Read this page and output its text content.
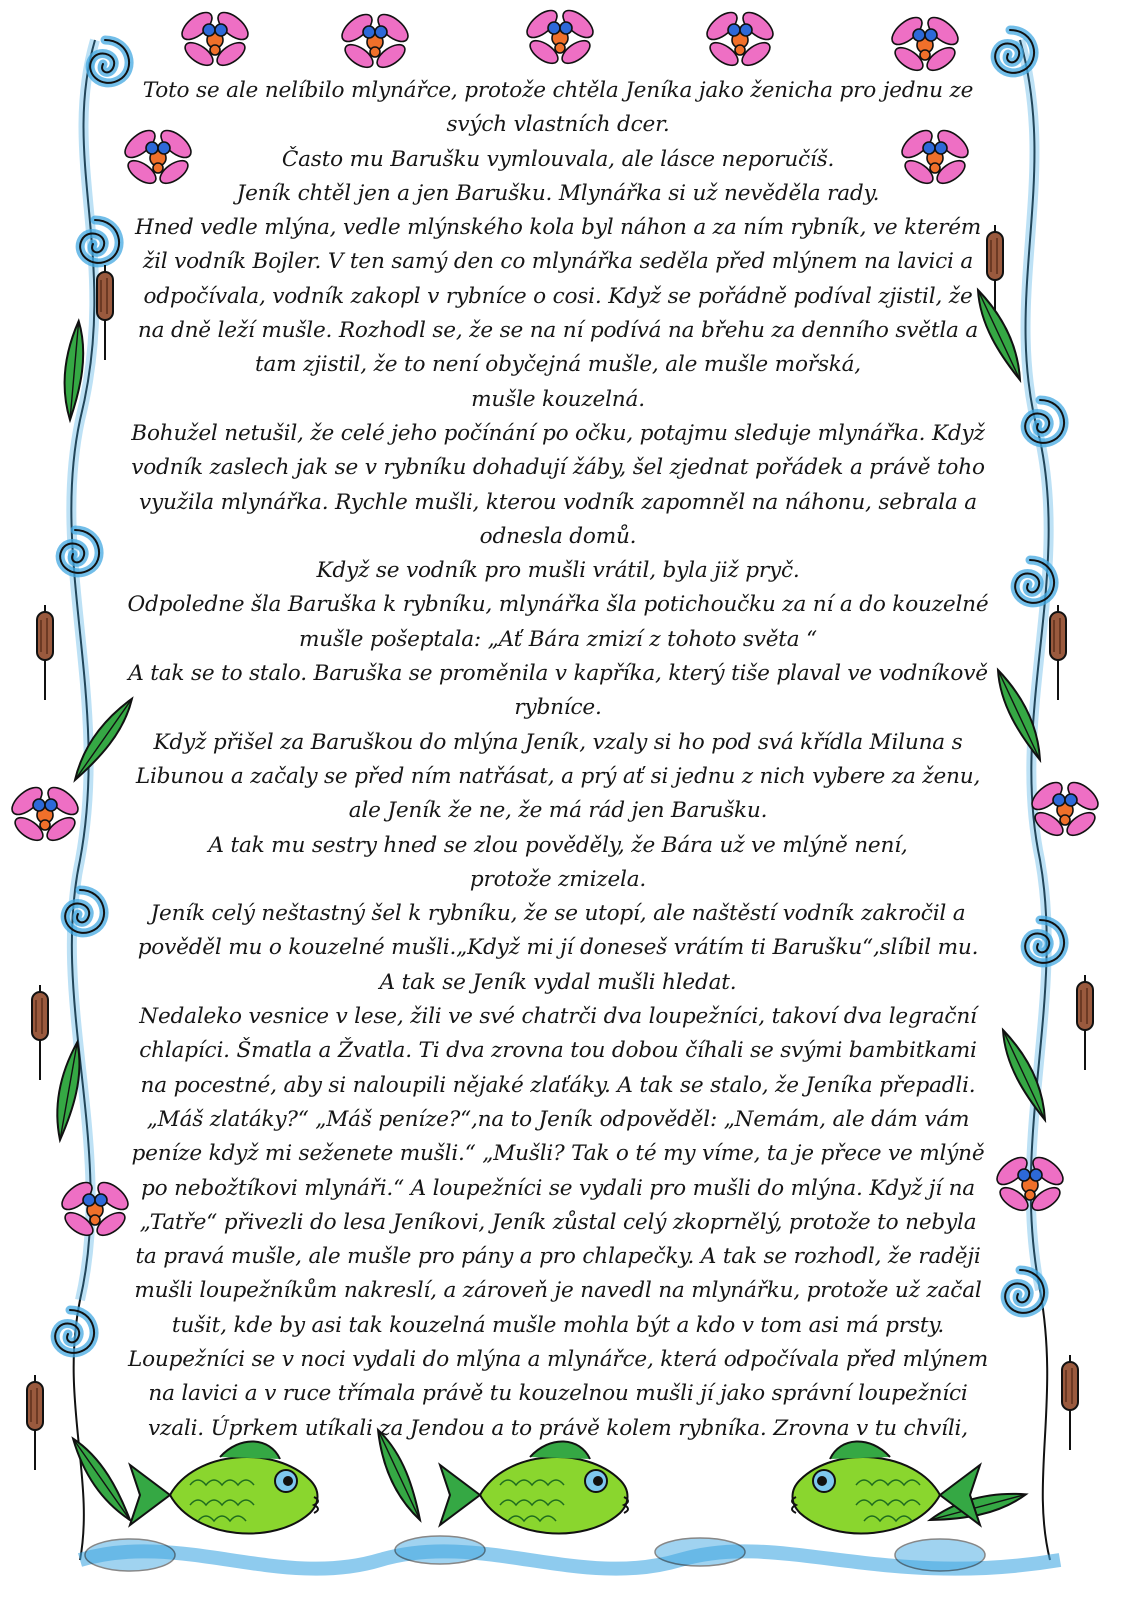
Toto se ale nelíbilo mlynářce, protože chtěla Jeníka jako ženicha pro jednu ze
svých vlastních dcer.
Často mu Barušku vymlouvala, ale lásce neporučíš.
Jeník chtěl jen a jen Barušku. Mlynářka si už nevěděla rady.
Hned vedle mlýna, vedle mlýnského kola byl náhon a za ním rybník, ve kterém
žil vodník Bojler. V ten samý den co mlynářka seděla před mlýnem na lavici a
odpočívala, vodník zakopl v rybníce o cosi. Když se pořádně podíval zjistil, že
na dně leží mušle. Rozhodl se, že se na ní podívá na břehu za denního světla a
tam zjistil, že to není obyčejná mušle, ale mušle mořská,
mušle kouzelná.
Bohužel netušil, že celé jeho počínání po očku, potajmu sleduje mlynářka. Když
vodník zaslech jak se v rybníku dohadují žáby, šel zjednat pořádek a právě toho
využila mlynářka. Rychle mušli, kterou vodník zapomněl na náhonu, sebrala a
odnesla domů.
Když se vodník pro mušli vrátil, byla již pryč.
Odpoledne šla Baruška k rybníku, mlynářka šla potichoučku za ní a do kouzelné
mušle pošeptala: „Ať Bára zmizí z tohoto světa “
A tak se to stalo. Baruška se proměnila v kapříka, který tiše plaval ve vodníkově
rybníce.
Když přišel za Baruškou do mlýna Jeník, vzaly si ho pod svá křídla Miluna s
Libunou a začaly se před ním natřásat, a prý ať si jednu z nich vybere za ženu,
ale Jeník že ne, že má rád jen Barušku.
A tak mu sestry hned se zlou pověděly, že Bára už ve mlýně není,
protože zmizela.
Jeník celý neštastný šel k rybníku, že se utopí, ale naštěstí vodník zakročil a
pověděl mu o kouzelné mušli.„Když mi jí doneseš vrátím ti Barušku“,slíbil mu.
A tak se Jeník vydal mušli hledat.
Nedaleko vesnice v lese, žili ve své chatrči dva loupežníci, takoví dva legrační
chlapíci. Šmatla a Žvatla. Ti dva zrovna tou dobou číhali se svými bambitkami
na pocestné, aby si naloupili nějaké zlaťáky. A tak se stalo, že Jeníka přepadli.
„Máš zlatáky?“ „Máš peníze?“,na to Jeník odpověděl: „Nemám, ale dám vám
peníze když mi seženete mušli.“ „Mušli? Tak o té my víme, ta je přece ve mlýně
po nebožtíkovi mlynáři.“ A loupežníci se vydali pro mušli do mlýna. Když jí na
„Tatře“ přivezli do lesa Jeníkovi, Jeník zůstal celý zkoprnělý, protože to nebyla
ta pravá mušle, ale mušle pro pány a pro chlapečky. A tak se rozhodl, že raději
mušli loupežníkům nakreslí, a zároveň je navedl na mlynářku, protože už začal
tušit, kde by asi tak kouzelná mušle mohla být a kdo v tom asi má prsty.
Loupežníci se v noci vydali do mlýna a mlynářce, která odpočívala před mlýnem
na lavici a v ruce třímala právě tu kouzelnou mušli jí jako správní loupežníci
vzali. Úprkem utíkali za Jendou a to právě kolem rybníka. Zrovna v tu chvíli,
